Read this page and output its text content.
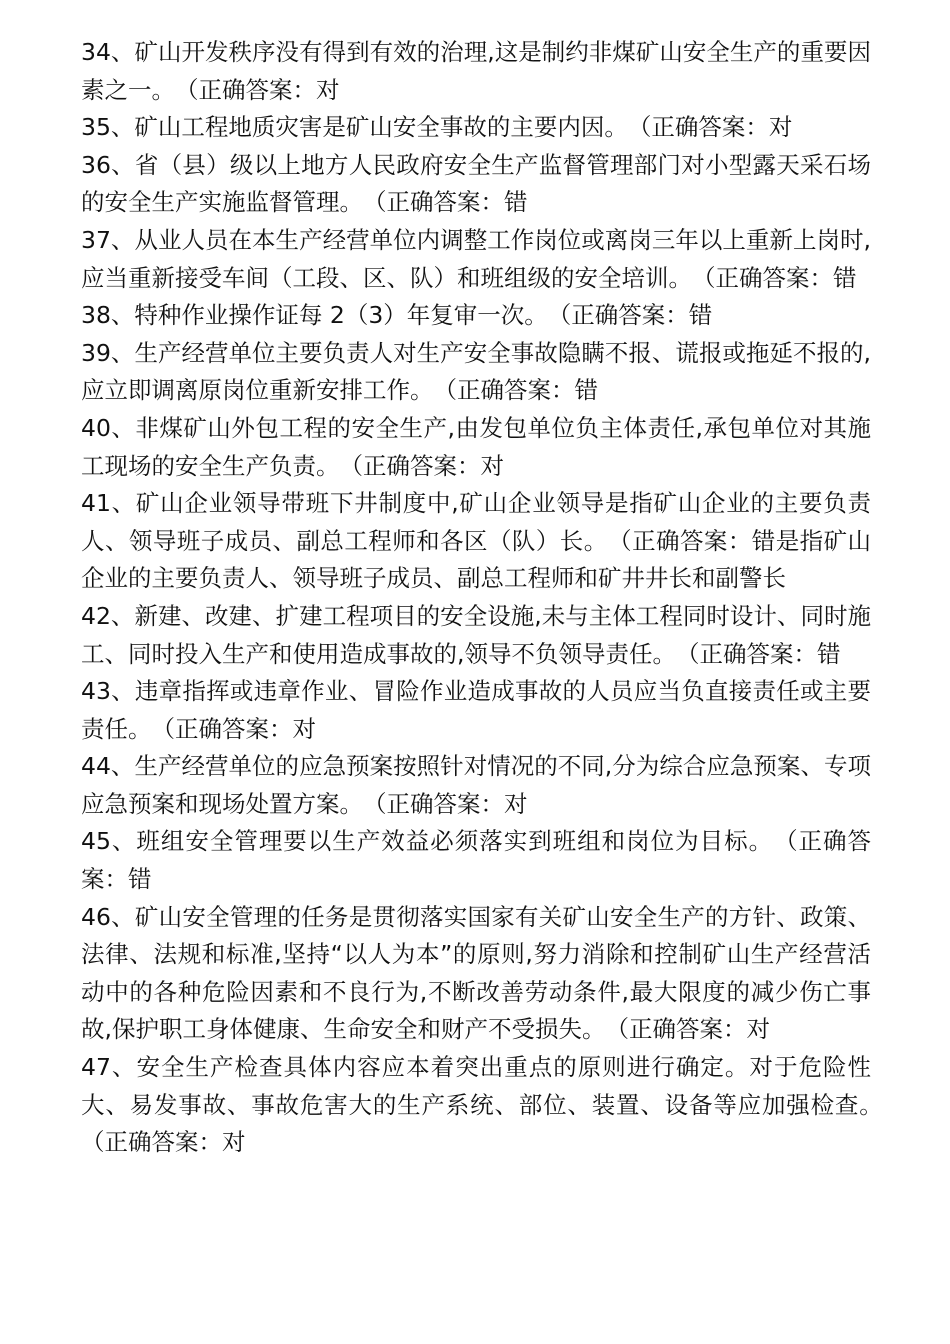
34、矿山开发秩序没有得到有效的治理,这是制约非煤矿山安全生产的重要因素之一。　 （正确答案：对

35、矿山工程地质灾害是矿山安全事故的主要内因。　 （正确答案：对

36、省（县）级以上地方人民政府安全生产监督管理部门对小型露天采石场的安全生产实施监督管理。　 （正确答案：错

37、从业人员在本生产经营单位内调整工作岗位或离岗三年以上重新上岗时,应当重新接受车间（工段、区、队）和班组级的安全培训。　 （正确答案：错

38、特种作业操作证每 2（3）年复审一次。　 （正确答案：错

39、生产经营单位主要负责人对生产安全事故隐瞒不报、谎报或拖延不报的,应立即调离原岗位重新安排工作。　 （正确答案：错

40、非煤矿山外包工程的安全生产,由发包单位负主体责任,承包单位对其施工现场的安全生产负责。　 （正确答案：对

41、矿山企业领导带班下井制度中,矿山企业领导是指矿山企业的主要负责人、领导班子成员、副总工程师和各区（队）长。　 （正确答案：错是指矿山企业的主要负责人、领导班子成员、副总工程师和矿井井长和副警长

42、新建、改建、扩建工程项目的安全设施,未与主体工程同时设计、同时施工、同时投入生产和使用造成事故的,领导不负领导责任。　 （正确答案：错

43、违章指挥或违章作业、冒险作业造成事故的人员应当负直接责任或主要责任。　 （正确答案：对

44、生产经营单位的应急预案按照针对情况的不同,分为综合应急预案、专项应急预案和现场处置方案。　 （正确答案：对

45、班组安全管理要以生产效益必须落实到班组和岗位为目标。　 （正确答案：错

46、矿山安全管理的任务是贯彻落实国家有关矿山安全生产的方针、政策、法律、法规和标准,坚持“以人为本”的原则,努力消除和控制矿山生产经营活动中的各种危险因素和不良行为,不断改善劳动条件,最大限度的减少伤亡事故,保护职工身体健康、生命安全和财产不受损失。　 （正确答案：对

47、安全生产检查具体内容应本着突出重点的原则进行确定。对于危险性大、易发事故、事故危害大的生产系统、部位、装置、设备等应加强检查。　（正确答案：对
